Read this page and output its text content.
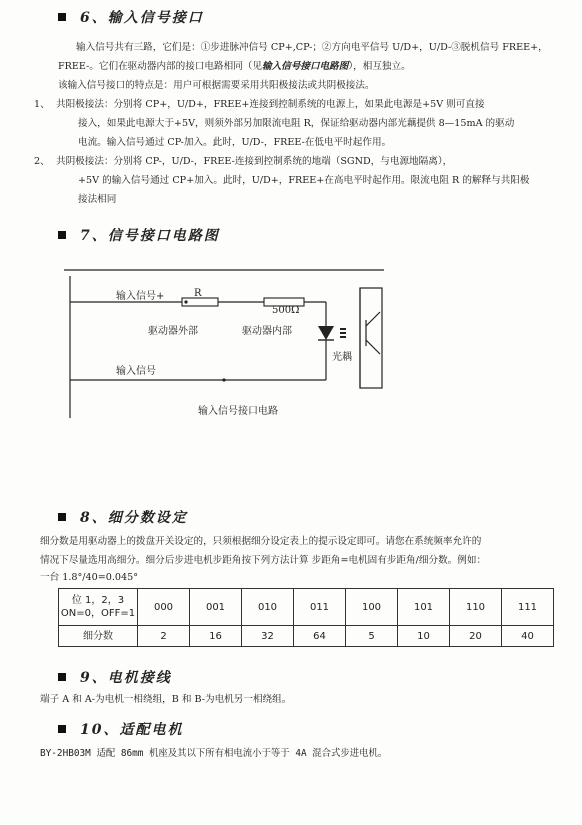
6、输入信号接口
输入信号共有三路，它们是：①步进脉冲信号 CP+,CP-；②方向电平信号 U/D+，U/D-③脱机信号 FREE+，
FREE-。它们在驱动器内部的接口电路相同（见输入信号接口电路图），相互独立。
该输入信号接口的特点是：用户可根据需要采用共阳极接法或共阴极接法。
1、 共阳极接法：分别将 CP+，U/D+，FREE+连接到控制系统的电源上，如果此电源是+5V 则可直接
接入，如果此电源大于+5V，则须外部另加限流电阻 R，保证给驱动器内部光藕提供 8—15mA 的驱动
电流。输入信号通过 CP-加入。此时，U/D-，FREE-在低电平时起作用。
2、 共阴极接法：分别将 CP-，U/D-，FREE-连接到控制系统的地端（SGND，与电源地隔离），
+5V 的输入信号通过 CP+加入。此时，U/D+，FREE+在高电平时起作用。限流电阻 R 的解释与共阳极
接法相同
7、信号接口电路图
输入信号+	R
500Ω
驱动器外部	驱动器内部
光耦
输入信号
输入信号接口电路
8、细分数设定
细分数是用驱动器上的拨盘开关设定的，只须根据细分设定表上的提示设定即可。请您在系统频率允许的
情况下尽量选用高细分。细分后步进电机步距角按下列方法计算 步距角=电机固有步距角/细分数。例如：
一台 1.8°/40=0.045°
位 1，2，3
ON=0，OFF=1	000	001	010	011	100	101	110	111
细分数	2	16	32	64	5	10	20	40
9、电机接线
端子 A 和 A-为电机一相绕组，B 和 B-为电机另一相绕组。
10、适配电机
BY-2HB03M 适配 86mm 机座及其以下所有相电流小于等于 4A 混合式步进电机。
